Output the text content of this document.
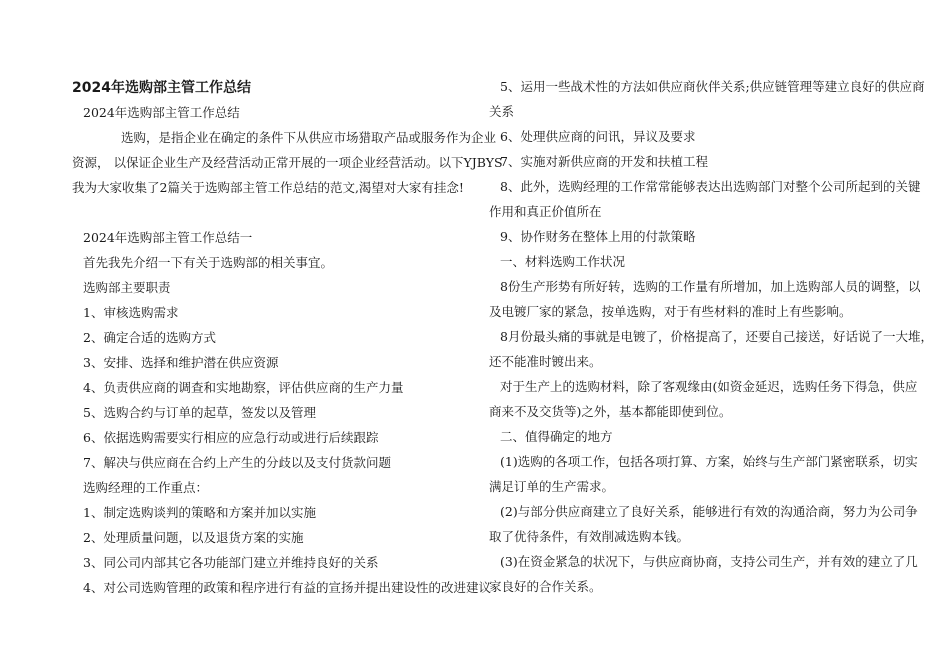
2024年选购部主管工作总结
2024年选购部主管工作总结
选购，是指企业在确定的条件下从供应市场猎取产品或服务作为企业
资源， 以保证企业生产及经营活动正常开展的一项企业经营活动。以下YJBYS
我为大家收集了2篇关于选购部主管工作总结的范文,渴望对大家有挂念!
2024年选购部主管工作总结一
首先我先介绍一下有关于选购部的相关事宜。
选购部主要职责
1、审核选购需求
2、确定合适的选购方式
3、安排、选择和维护潜在供应资源
4、负责供应商的调查和实地勘察，评估供应商的生产力量
5、选购合约与订单的起草，签发以及管理
6、依据选购需要实行相应的应急行动或进行后续跟踪
7、解决与供应商在合约上产生的分歧以及支付货款问题
选购经理的工作重点：
1、制定选购谈判的策略和方案并加以实施
2、处理质量问题，以及退货方案的实施
3、同公司内部其它各功能部门建立并维持良好的关系
4、对公司选购管理的政策和程序进行有益的宣扬并提出建设性的改进建议
5、运用一些战术性的方法如供应商伙伴关系;供应链管理等建立良好的供应商
关系
6、处理供应商的问讯，异议及要求
7、实施对新供应商的开发和扶植工程
8、此外，选购经理的工作常常能够表达出选购部门对整个公司所起到的关键
作用和真正价值所在
9、协作财务在整体上用的付款策略
一、材料选购工作状况
8份生产形势有所好转，选购的工作量有所增加，加上选购部人员的调整，以
及电镀厂家的紧急，按单选购，对于有些材料的准时上有些影响。
8月份最头痛的事就是电镀了，价格提高了，还要自己接送，好话说了一大堆，
还不能准时镀出来。
对于生产上的选购材料，除了客观缘由(如资金延迟，选购任务下得急，供应
商来不及交货等)之外，基本都能即使到位。
二、值得确定的地方
(1)选购的各项工作，包括各项打算、方案，始终与生产部门紧密联系，切实
满足订单的生产需求。
(2)与部分供应商建立了良好关系，能够进行有效的沟通洽商，努力为公司争
取了优待条件，有效削减选购本钱。
(3)在资金紧急的状况下，与供应商协商，支持公司生产，并有效的建立了几
家良好的合作关系。
